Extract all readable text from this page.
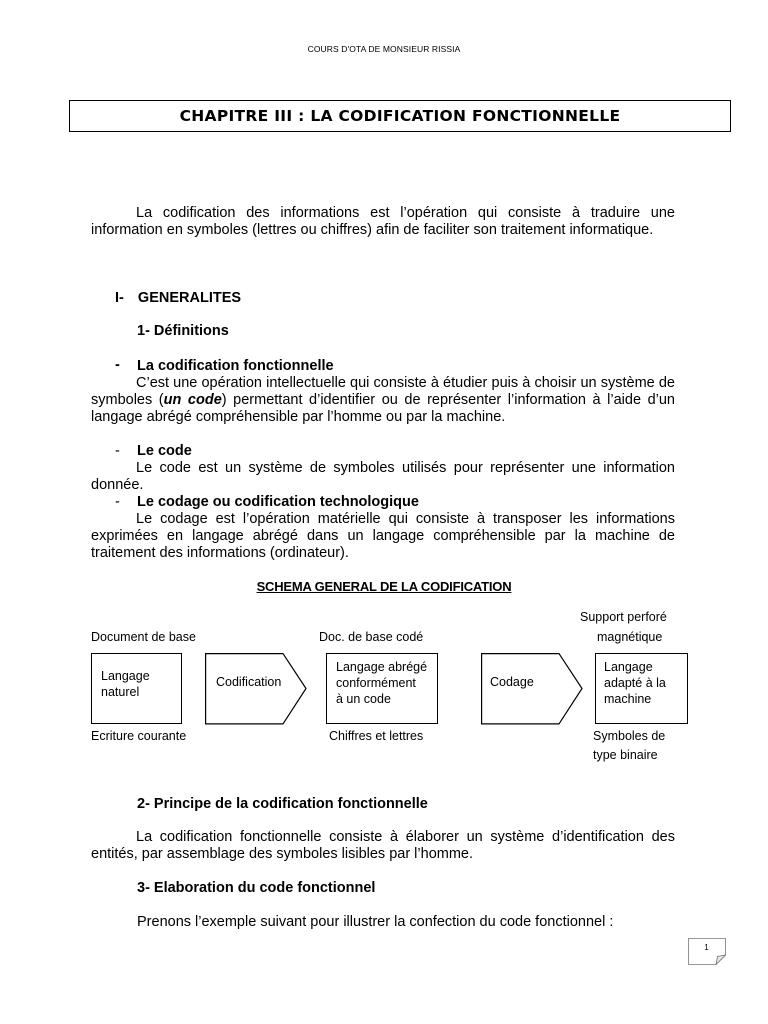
COURS D'OTA DE MONSIEUR RISSIA
CHAPITRE III : LA CODIFICATION FONCTIONNELLE
La codification des informations est l’opération qui consiste à traduire une information en symboles (lettres ou chiffres) afin de faciliter son traitement informatique.
I- GENERALITES
1- Définitions
- La codification fonctionnelle
C’est une opération intellectuelle qui consiste à étudier puis à choisir un système de symboles (un code) permettant d’identifier ou de représenter l’information à l’aide d’un langage abrégé compréhensible par l’homme ou par la machine.
- Le code
Le code est un système de symboles utilisés pour représenter une information donnée.
- Le codage ou codification technologique
Le codage est l’opération matérielle qui consiste à transposer les informations exprimées en langage abrégé dans un langage compréhensible par la machine de traitement des informations (ordinateur).
SCHEMA GENERAL DE LA CODIFICATION
Support perforé
Document de base	Doc. de base codé	magnétique
Langage
naturel
Codification
Langage abrégé
conformément
à un code
Codage
Langage
adapté à la
machine
Ecriture courante	Chiffres et lettres	Symboles de
type binaire
2- Principe de la codification fonctionnelle
La codification fonctionnelle consiste à élaborer un système d’identification des entités, par assemblage des symboles lisibles par l’homme.
3- Elaboration du code fonctionnel
Prenons l’exemple suivant pour illustrer la confection du code fonctionnel :
1
